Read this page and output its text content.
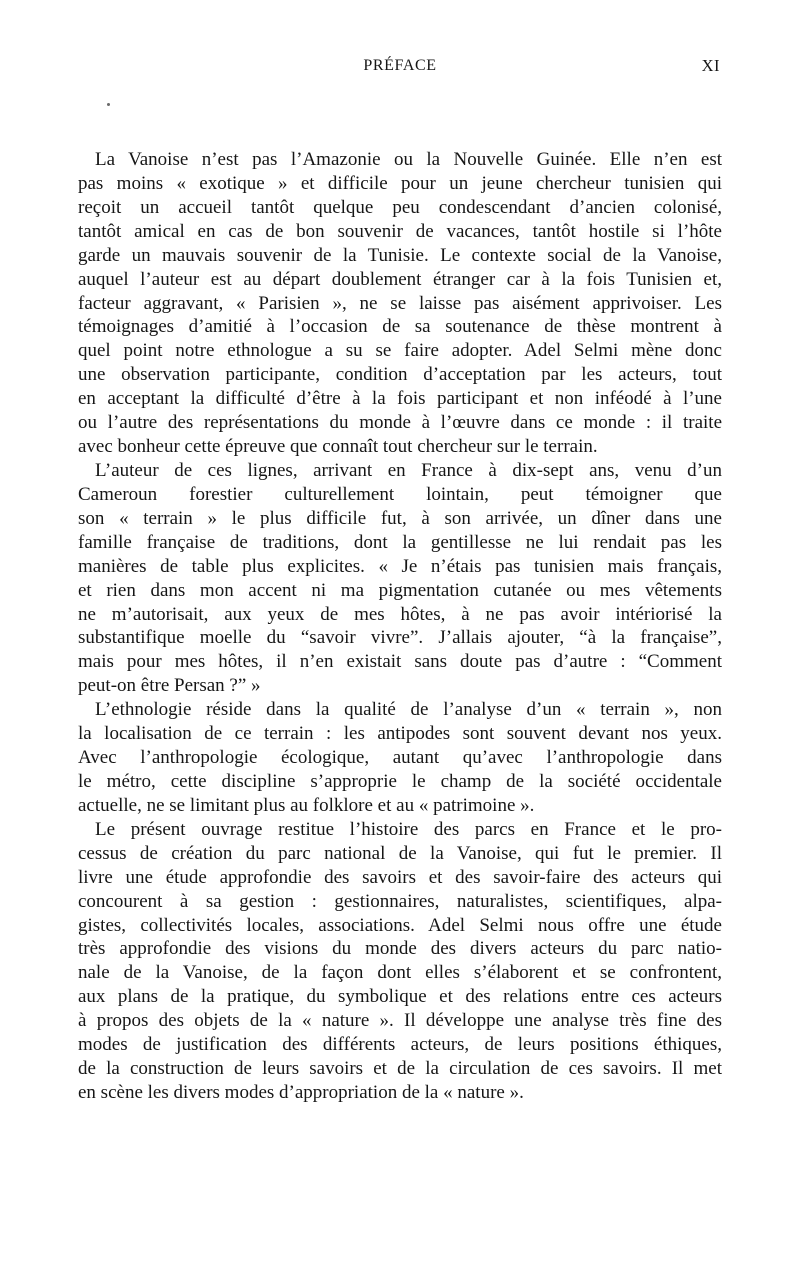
PRÉFACE	XI
La Vanoise n’est pas l’Amazonie ou la Nouvelle Guinée. Elle n’en est
pas moins « exotique » et difficile pour un jeune chercheur tunisien qui
reçoit un accueil tantôt quelque peu condescendant d’ancien colonisé,
tantôt amical en cas de bon souvenir de vacances, tantôt hostile si l’hôte
garde un mauvais souvenir de la Tunisie. Le contexte social de la Vanoise,
auquel l’auteur est au départ doublement étranger car à la fois Tunisien et,
facteur aggravant, « Parisien », ne se laisse pas aisément apprivoiser. Les
témoignages d’amitié à l’occasion de sa soutenance de thèse montrent à
quel point notre ethnologue a su se faire adopter. Adel Selmi mène donc
une observation participante, condition d’acceptation par les acteurs, tout
en acceptant la difficulté d’être à la fois participant et non inféodé à l’une
ou l’autre des représentations du monde à l’œuvre dans ce monde : il traite
avec bonheur cette épreuve que connaît tout chercheur sur le terrain.
L’auteur de ces lignes, arrivant en France à dix-sept ans, venu d’un
Cameroun forestier culturellement lointain, peut témoigner que
son « terrain » le plus difficile fut, à son arrivée, un dîner dans une
famille française de traditions, dont la gentillesse ne lui rendait pas les
manières de table plus explicites. « Je n’étais pas tunisien mais français,
et rien dans mon accent ni ma pigmentation cutanée ou mes vêtements
ne m’autorisait, aux yeux de mes hôtes, à ne pas avoir intériorisé la
substantifique moelle du “savoir vivre”. J’allais ajouter, “à la française”,
mais pour mes hôtes, il n’en existait sans doute pas d’autre : “Comment
peut-on être Persan ?” »
L’ethnologie réside dans la qualité de l’analyse d’un « terrain », non
la localisation de ce terrain : les antipodes sont souvent devant nos yeux.
Avec l’anthropologie écologique, autant qu’avec l’anthropologie dans
le métro, cette discipline s’approprie le champ de la société occidentale
actuelle, ne se limitant plus au folklore et au « patrimoine ».
Le présent ouvrage restitue l’histoire des parcs en France et le pro-
cessus de création du parc national de la Vanoise, qui fut le premier. Il
livre une étude approfondie des savoirs et des savoir-faire des acteurs qui
concourent à sa gestion : gestionnaires, naturalistes, scientifiques, alpa-
gistes, collectivités locales, associations. Adel Selmi nous offre une étude
très approfondie des visions du monde des divers acteurs du parc natio-
nale de la Vanoise, de la façon dont elles s’élaborent et se confrontent,
aux plans de la pratique, du symbolique et des relations entre ces acteurs
à propos des objets de la « nature ». Il développe une analyse très fine des
modes de justification des différents acteurs, de leurs positions éthiques,
de la construction de leurs savoirs et de la circulation de ces savoirs. Il met
en scène les divers modes d’appropriation de la « nature ».
